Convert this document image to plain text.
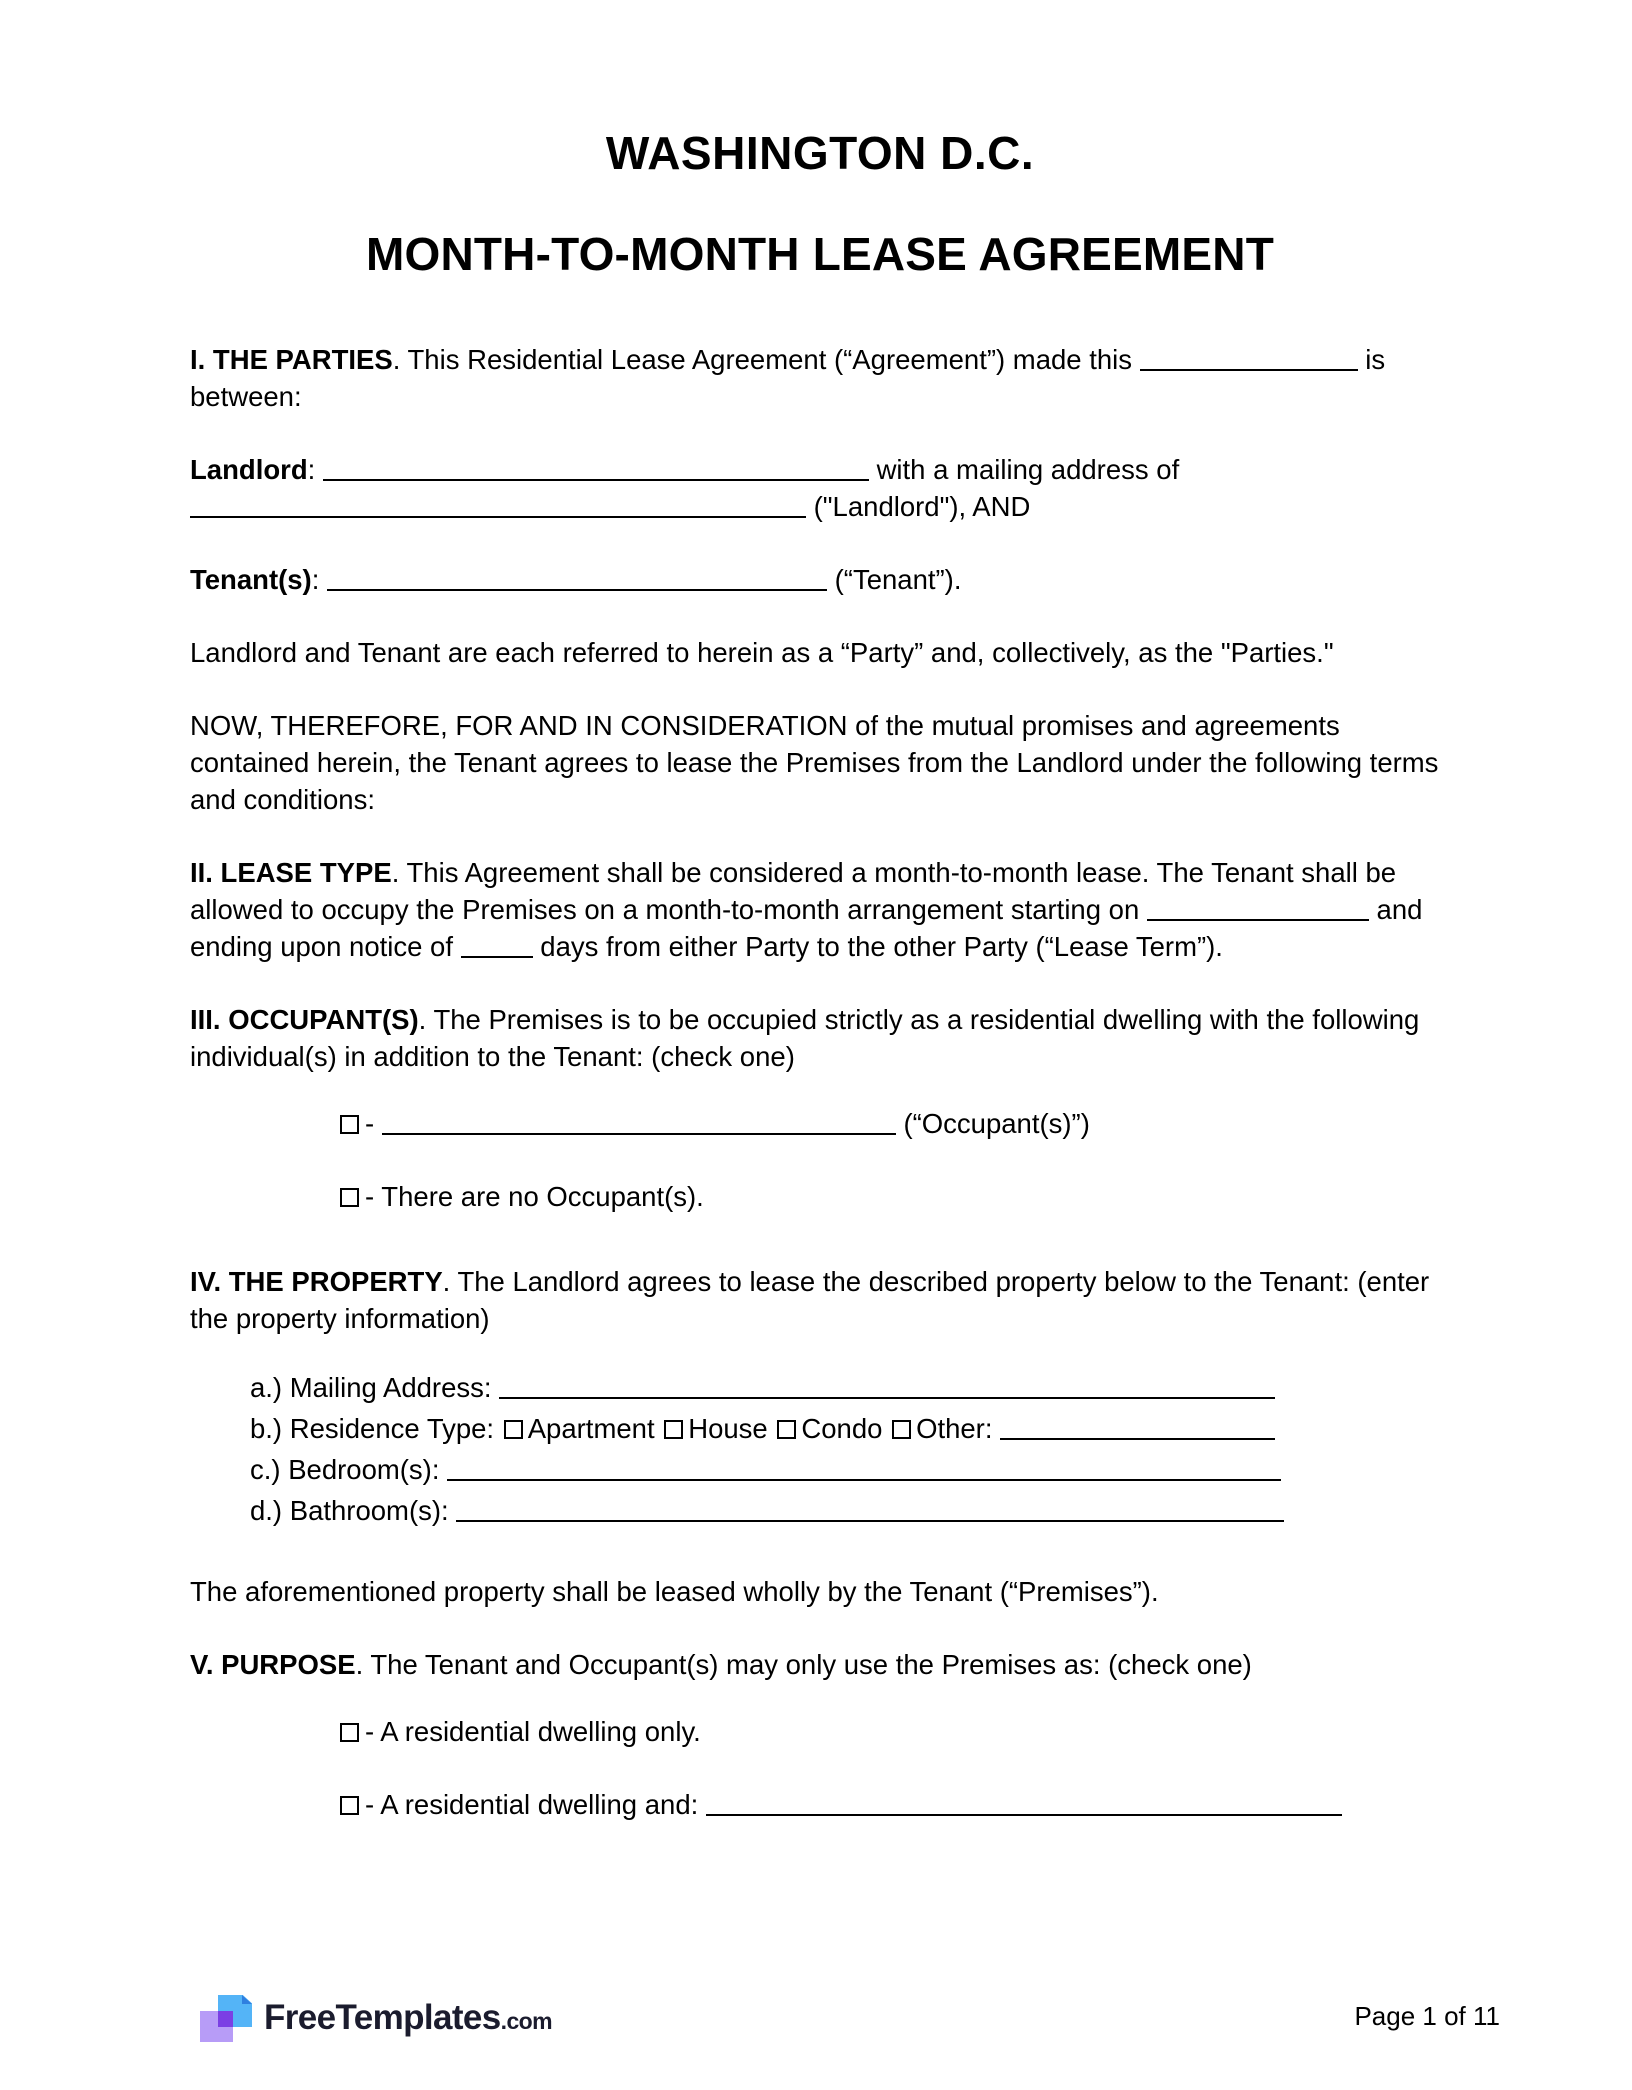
WASHINGTON D.C.
MONTH-TO-MONTH LEASE AGREEMENT

I. THE PARTIES. This Residential Lease Agreement (“Agreement”) made this	is between:

Landlord:	with a mailing address of  ("Landlord"), AND

Tenant(s):	(“Tenant”).

Landlord and Tenant are each referred to herein as a “Party” and, collectively, as the "Parties."

NOW, THEREFORE, FOR AND IN CONSIDERATION of the mutual promises and agreements contained herein, the Tenant agrees to lease the Premises from the Landlord under the following terms and conditions:

II. LEASE TYPE. This Agreement shall be considered a month-to-month lease. The Tenant shall be allowed to occupy the Premises on a month-to-month arrangement starting on	and ending upon notice of	days from either Party to the other Party (“Lease Term”).

III. OCCUPANT(S). The Premises is to be occupied strictly as a residential dwelling with the following individual(s) in addition to the Tenant: (check one)

-	(“Occupant(s)”)
- There are no Occupant(s).

IV. THE PROPERTY. The Landlord agrees to lease the described property below to the Tenant: (enter the property information)

a.) Mailing Address:
b.) Residence Type: Apartment House Condo Other:
c.) Bedroom(s):
d.) Bathroom(s):

The aforementioned property shall be leased wholly by the Tenant (“Premises”).

V. PURPOSE. The Tenant and Occupant(s) may only use the Premises as: (check one)

- A residential dwelling only.
- A residential dwelling and:
FreeTemplates.com	Page 1 of 11
